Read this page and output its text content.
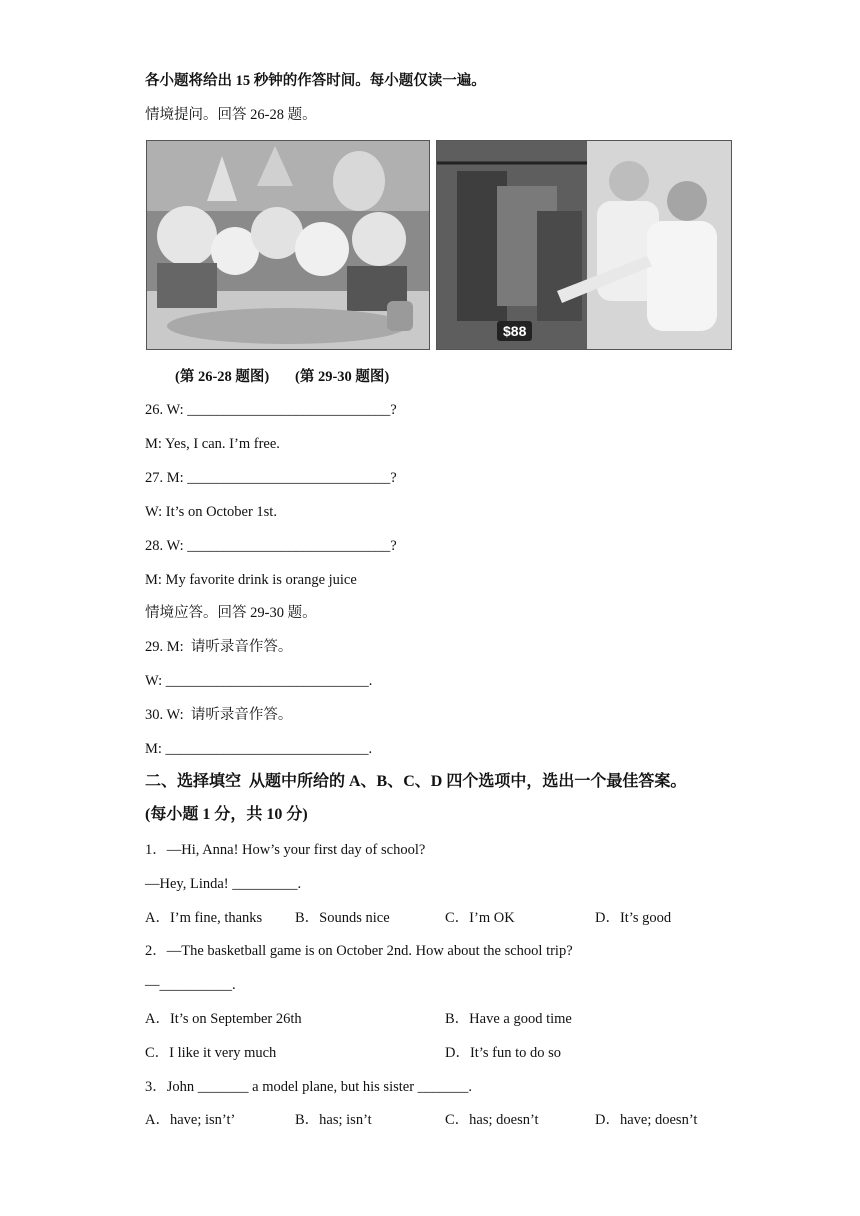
各小题将给出 15 秒钟的作答时间。每小题仅读一遍。
情境提问。回答 26-28 题。
$88
(第 26-28 题图) (第 29-30 题图)
26. W: ____________________________?
M: Yes, I can. I’m free.
27. M: ____________________________?
W: It’s on October 1st.
28. W: ____________________________?
M: My favorite drink is orange juice
情境应答。回答 29-30 题。
29. M:  请听录音作答。
W: ____________________________.
30. W:  请听录音作答。
M: ____________________________.
二、选择填空  从题中所给的 A、B、C、D 四个选项中，选出一个最佳答案。
(每小题 1 分，共 10 分)
1．—Hi, Anna! How’s your first day of school?
—Hey, Linda! _________.
A．I’m fine, thanks B．Sounds nice	C．I’m OK	D．It’s good
2．—The basketball game is on October 2nd. How about the school trip?
—__________.
A．It’s on September 26th	B．Have a good time
C．I like it very much	D．It’s fun to do so
3．John _______ a model plane, but his sister _______.
A．have; isn’t’	B．has; isn’t	C．has; doesn’t	D．have; doesn’t
